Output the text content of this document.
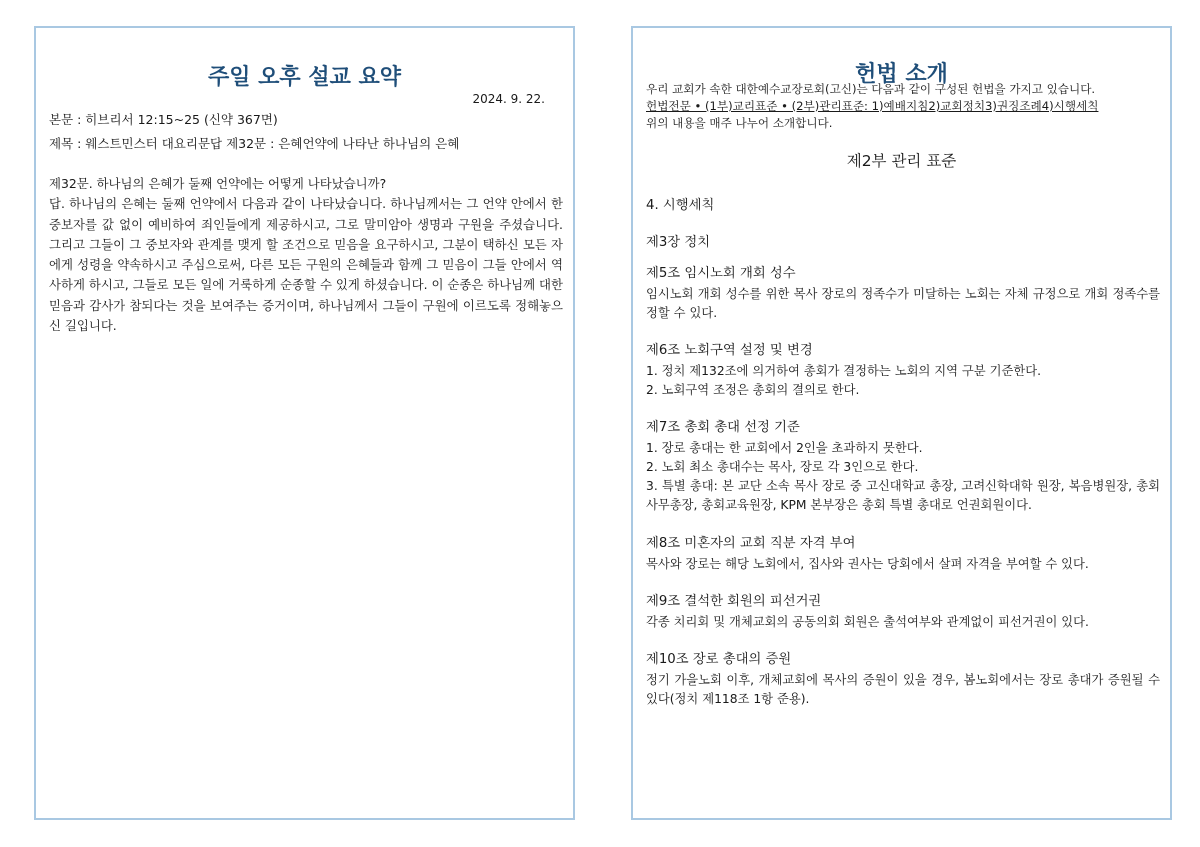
주일 오후 설교 요약

2024. 9. 22.

본문 : 히브리서 12:15~25 (신약 367면)

제목 : 웨스트민스터 대요리문답 제32문 : 은혜언약에 나타난 하나님의 은혜

제32문. 하나님의 은혜가 둘째 언약에는 어떻게 나타났습니까?

답. 하나님의 은혜는 둘째 언약에서 다음과 같이 나타났습니다. 하나님께서는 그 언약 안에서 한 중보자를 값 없이 예비하여 죄인들에게 제공하시고, 그로 말미암아 생명과 구원을 주셨습니다. 그리고 그들이 그 중보자와 관계를 맺게 할 조건으로 믿음을 요구하시고, 그분이 택하신 모든 자에게 성령을 약속하시고 주심으로써, 다른 모든 구원의 은혜들과 함께 그 믿음이 그들 안에서 역사하게 하시고, 그들로 모든 일에 거룩하게 순종할 수 있게 하셨습니다. 이 순종은 하나님께 대한 믿음과 감사가 참되다는 것을 보여주는 증거이며, 하나님께서 그들이 구원에 이르도록 정해놓으신 길입니다.

헌법 소개

우리 교회가 속한 대한예수교장로회(고신)는 다음과 같이 구성된 헌법을 가지고 있습니다.

헌법전문 • (1부)교리표준 • (2부)관리표준: 1)예배지침2)교회정치3)권징조례4)시행세칙

위의 내용을 매주 나누어 소개합니다.

제2부 관리 표준

4. 시행세칙

제3장 정치

제5조 임시노회 개회 성수

임시노회 개회 성수를 위한 목사 장로의 정족수가 미달하는 노회는 자체 규정으로 개회 정족수를 정할 수 있다.

제6조 노회구역 설정 및 변경

1. 정치 제132조에 의거하여 총회가 결정하는 노회의 지역 구분 기준한다.

2. 노회구역 조정은 총회의 결의로 한다.

제7조 총회 총대 선정 기준

1. 장로 총대는 한 교회에서 2인을 초과하지 못한다.

2. 노회 최소 총대수는 목사, 장로 각 3인으로 한다.

3. 특별 총대: 본 교단 소속 목사 장로 중 고신대학교 총장, 고려신학대학 원장, 복음병원장, 총회 사무총장, 총회교육원장, KPM 본부장은 총회 특별 총대로 언권회원이다.

제8조 미혼자의 교회 직분 자격 부여

목사와 장로는 해당 노회에서, 집사와 권사는 당회에서 살펴 자격을 부여할 수 있다.

제9조 결석한 회원의 피선거권

각종 치리회 및 개체교회의 공동의회 회원은 출석여부와 관계없이 피선거권이 있다.

제10조 장로 총대의 증원

정기 가을노회 이후, 개체교회에 목사의 증원이 있을 경우, 봄노회에서는 장로 총대가 증원될 수 있다(정치 제118조 1항 준용).
